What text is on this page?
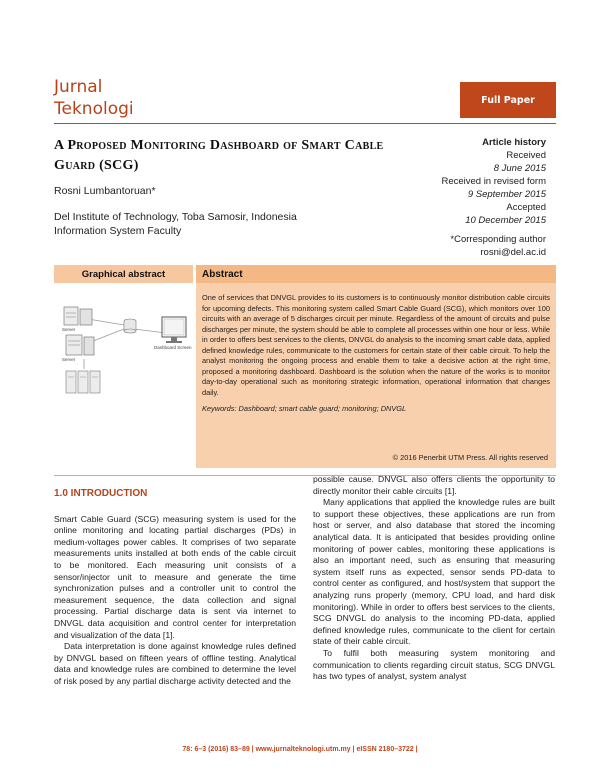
Jurnal
Teknologi	Full Paper
A Proposed Monitoring Dashboard of Smart Cable Guard (SCG)
Rosni Lumbantoruan*
Del Institute of Technology, Toba Samosir, Indonesia
Information System Faculty
Article history
Received
8 June 2015
Received in revised form
9 September 2015
Accepted
10 December 2015
*Corresponding author
rosni@del.ac.id
Graphical abstract
Server
Server
Dashboard Screen
Abstract
One of services that DNVGL provides to its customers is to continuously monitor distribution cable circuits for upcoming defects. This monitoring system called Smart Cable Guard (SCG), which monitors over 100 circuits with an average of 5 discharges circuit per minute. Regardless of the amount of circuits and pulse discharges per minute, the system should be able to complete all processes within one hour or less. While in order to offers best services to the clients, DNVGL do analysis to the incoming smart cable data, applied defined knowledge rules, communicate to the customers for certain state of their cable circuit. To help the analyst monitoring the ongoing process and enable them to take a decisive action at the right time, proposed a monitoring dashboard. Dashboard is the solution when the nature of the works is to monitor day-to-day operational such as monitoring strategic information, operational information that changes daily.
Keywords: Dashboard; smart cable guard; monitoring; DNVGL
© 2016 Penerbit UTM Press. All rights reserved
1.0 INTRODUCTION

Smart Cable Guard (SCG) measuring system is used for the online monitoring and locating partial discharges (PDs) in medium-voltages power cables. It comprises of two separate measurements units installed at both ends of the cable circuit to be monitored. Each measuring unit consists of a sensor/injector unit to measure and generate the time synchronization pulses and a controller unit to control the measurement sequence, the data collection and signal processing. Partial discharge data is sent via internet to DNVGL data acquisition and control center for interpretation and visualization of the data [1].

Data interpretation is done against knowledge rules defined by DNVGL based on fifteen years of offline testing. Analytical data and knowledge rules are combined to determine the level of risk posed by any partial discharge activity detected and the

possible cause. DNVGL also offers clients the opportunity to directly monitor their cable circuits [1].

Many applications that applied the knowledge rules are built to support these objectives, these applications are run from host or server, and also database that stored the incoming analytical data. It is anticipated that besides providing online monitoring of power cables, monitoring these applications is also an important need, such as ensuring that measuring system itself runs as expected, sensor sends PD-data to control center as configured, and host/system that support the analyzing runs properly (memory, CPU load, and hard disk monitoring). While in order to offers best services to the clients, SCG DNVGL do analysis to the incoming PD-data, applied defined knowledge rules, communicate to the client for certain state of their cable circuit.

To fulfil both measuring system monitoring and communication to clients regarding circuit status, SCG DNVGL has two types of analyst, system analyst

78: 6–3 (2016) 83–89 | www.jurnalteknologi.utm.my | eISSN 2180–3722 |
